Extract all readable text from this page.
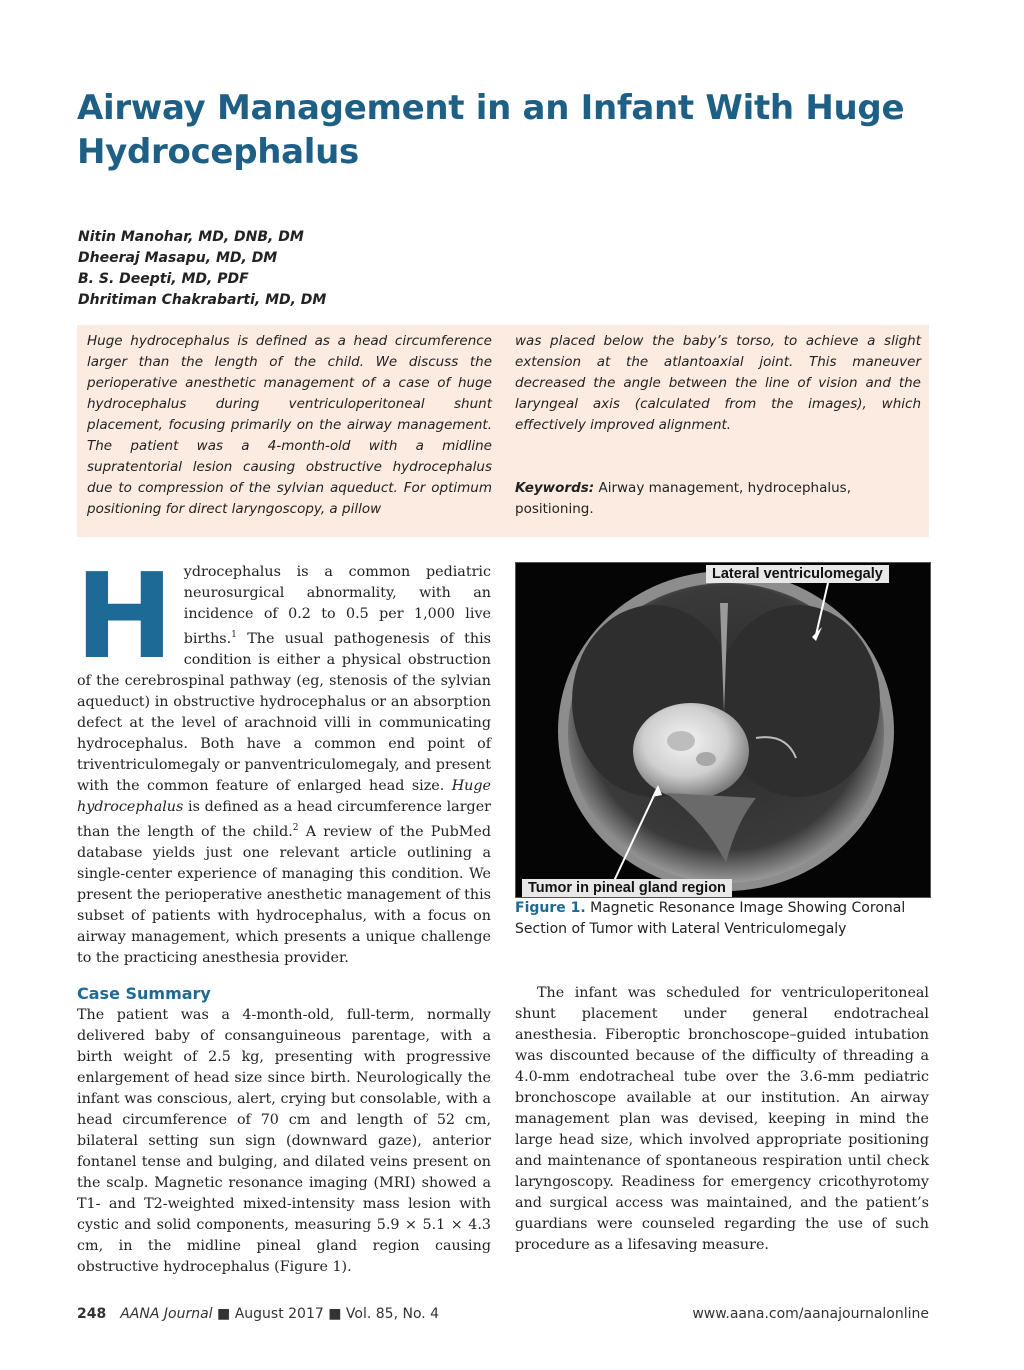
Airway Management in an Infant With Huge Hydrocephalus
Nitin Manohar, MD, DNB, DM
Dheeraj Masapu, MD, DM
B. S. Deepti, MD, PDF
Dhritiman Chakrabarti, MD, DM
Huge hydrocephalus is defined as a head circumference larger than the length of the child. We discuss the perioperative anesthetic management of a case of huge hydrocephalus during ventriculoperitoneal shunt placement, focusing primarily on the airway management. The patient was a 4-month-old with a midline supratentorial lesion causing obstructive hydrocephalus due to compression of the sylvian aqueduct. For optimum positioning for direct laryngoscopy, a pillow
was placed below the baby’s torso, to achieve a slight extension at the atlantoaxial joint. This maneuver decreased the angle between the line of vision and the laryngeal axis (calculated from the images), which effectively improved alignment.
Keywords: Airway management, hydrocephalus, positioning.
H ydrocephalus is a common pediatric neurosurgical abnormality, with an incidence of 0.2 to 0.5 per 1,000 live births.$^1$ The usual pathogenesis of this condition is either a physical obstruction of the cerebrospinal pathway (eg, stenosis of the sylvian aqueduct) in obstructive hydrocephalus or an absorption defect at the level of arachnoid villi in communicating hydrocephalus. Both have a common end point of triventriculomegaly or panventriculomegaly, and present with the common feature of enlarged head size. Huge hydrocephalus is defined as a head circumference larger than the length of the child.$^2$ A review of the PubMed database yields just one relevant article outlining a single-center experience of managing this condition. We present the perioperative anesthetic management of this subset of patients with hydrocephalus, with a focus on airway management, which presents a unique challenge to the practicing anesthesia provider.
Case Summary
The patient was a 4-month-old, full-term, normally delivered baby of consanguineous parentage, with a birth weight of 2.5 kg, presenting with progressive enlargement of head size since birth. Neurologically the infant was conscious, alert, crying but consolable, with a head circumference of 70 cm and length of 52 cm, bilateral setting sun sign (downward gaze), anterior fontanel tense and bulging, and dilated veins present on the scalp. Magnetic resonance imaging (MRI) showed a T1- and T2-weighted mixed-intensity mass lesion with cystic and solid components, measuring 5.9 × 5.1 × 4.3 cm, in the midline pineal gland region causing obstructive hydrocephalus (Figure 1).
Lateral ventriculomegaly
Tumor in pineal gland region
Figure 1. Magnetic Resonance Image Showing Coronal Section of Tumor with Lateral Ventriculomegaly
The infant was scheduled for ventriculoperitoneal shunt placement under general endotracheal anesthesia. Fiberoptic bronchoscope–guided intubation was discounted because of the difficulty of threading a 4.0-mm endotracheal tube over the 3.6-mm pediatric bronchoscope available at our institution. An airway management plan was devised, keeping in mind the large head size, which involved appropriate positioning and maintenance of spontaneous respiration until check laryngoscopy. Readiness for emergency cricothyrotomy and surgical access was maintained, and the patient’s guardians were counseled regarding the use of such procedure as a lifesaving measure.
248 AANA Journal ■ August 2017 ■ Vol. 85, No. 4	www.aana.com/aanajournalonline
